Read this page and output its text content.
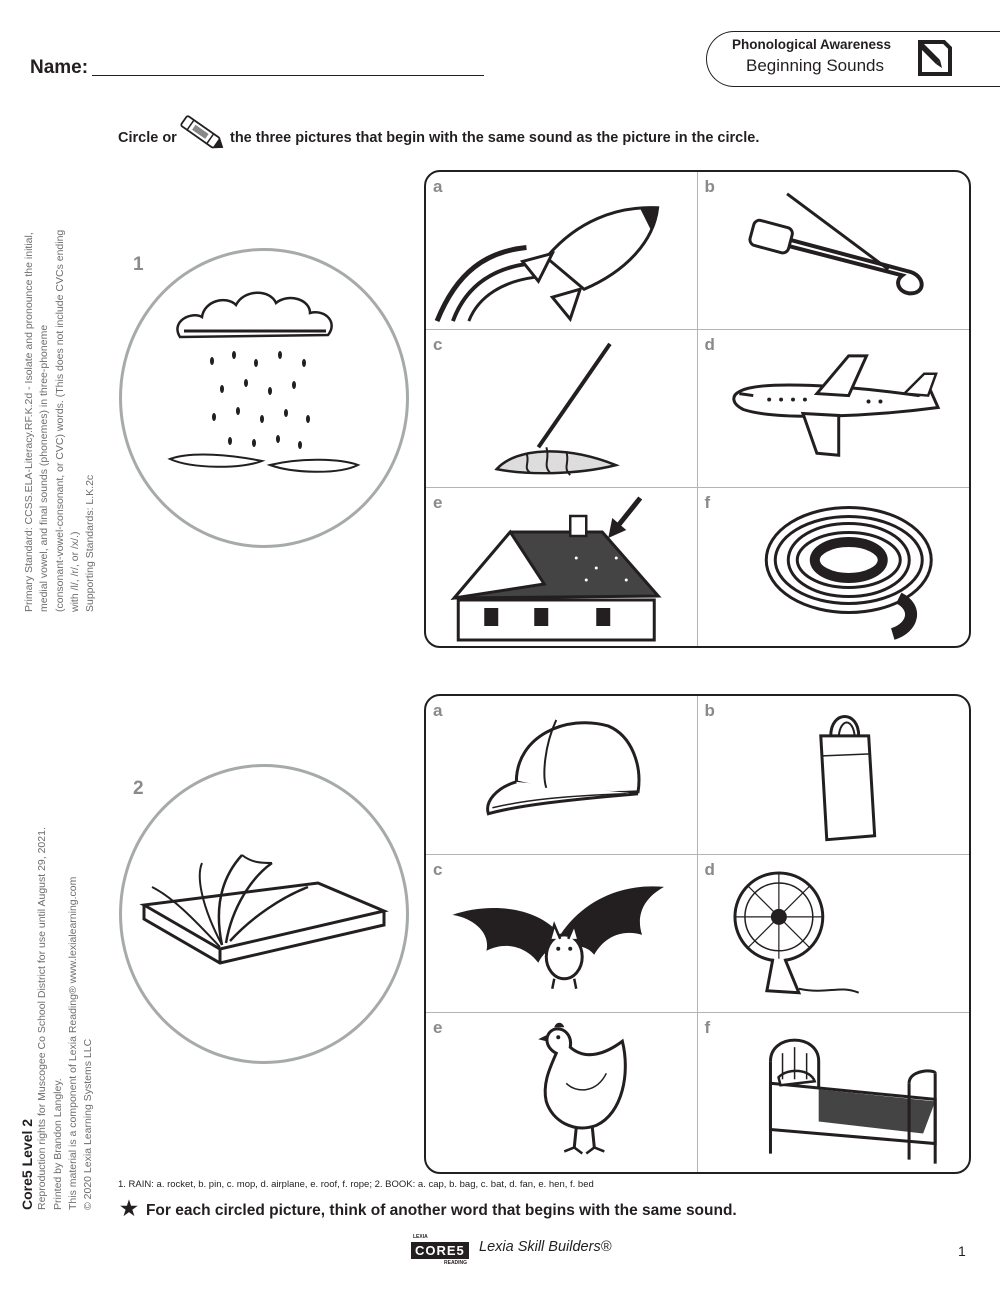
Name:
Phonological Awareness
Beginning Sounds
Circle or	the three pictures that begin with the same sound as the picture in the circle.
Primary Standard: CCSS.ELA-Literacy.RF.K.2d - Isolate and pronounce the initial, medial vowel, and final sounds (phonemes) in three-phoneme (consonant-vowel-consonant, or CVC) words. (This does not include CVCs ending with /l/, /r/, or /x/.) Supporting Standards: L.K.2c
Core5 Level 2 Reproduction rights for Muscogee Co School District for use until August 29, 2021. Printed by Brandon Langley. This material is a component of Lexia Reading® www.lexialearning.com © 2020 Lexia Learning Systems LLC
1
a	b
c	d
e	f
2
a	b
c	d
e	f
1. RAIN: a. rocket, b. pin, c. mop, d. airplane, e. roof, f. rope; 2. BOOK: a. cap, b. bag, c. bat, d. fan, e. hen, f. bed
★ For each circled picture, think of another word that begins with the same sound.
LEXIA
CORE5
READING
Lexia Skill Builders®	1
